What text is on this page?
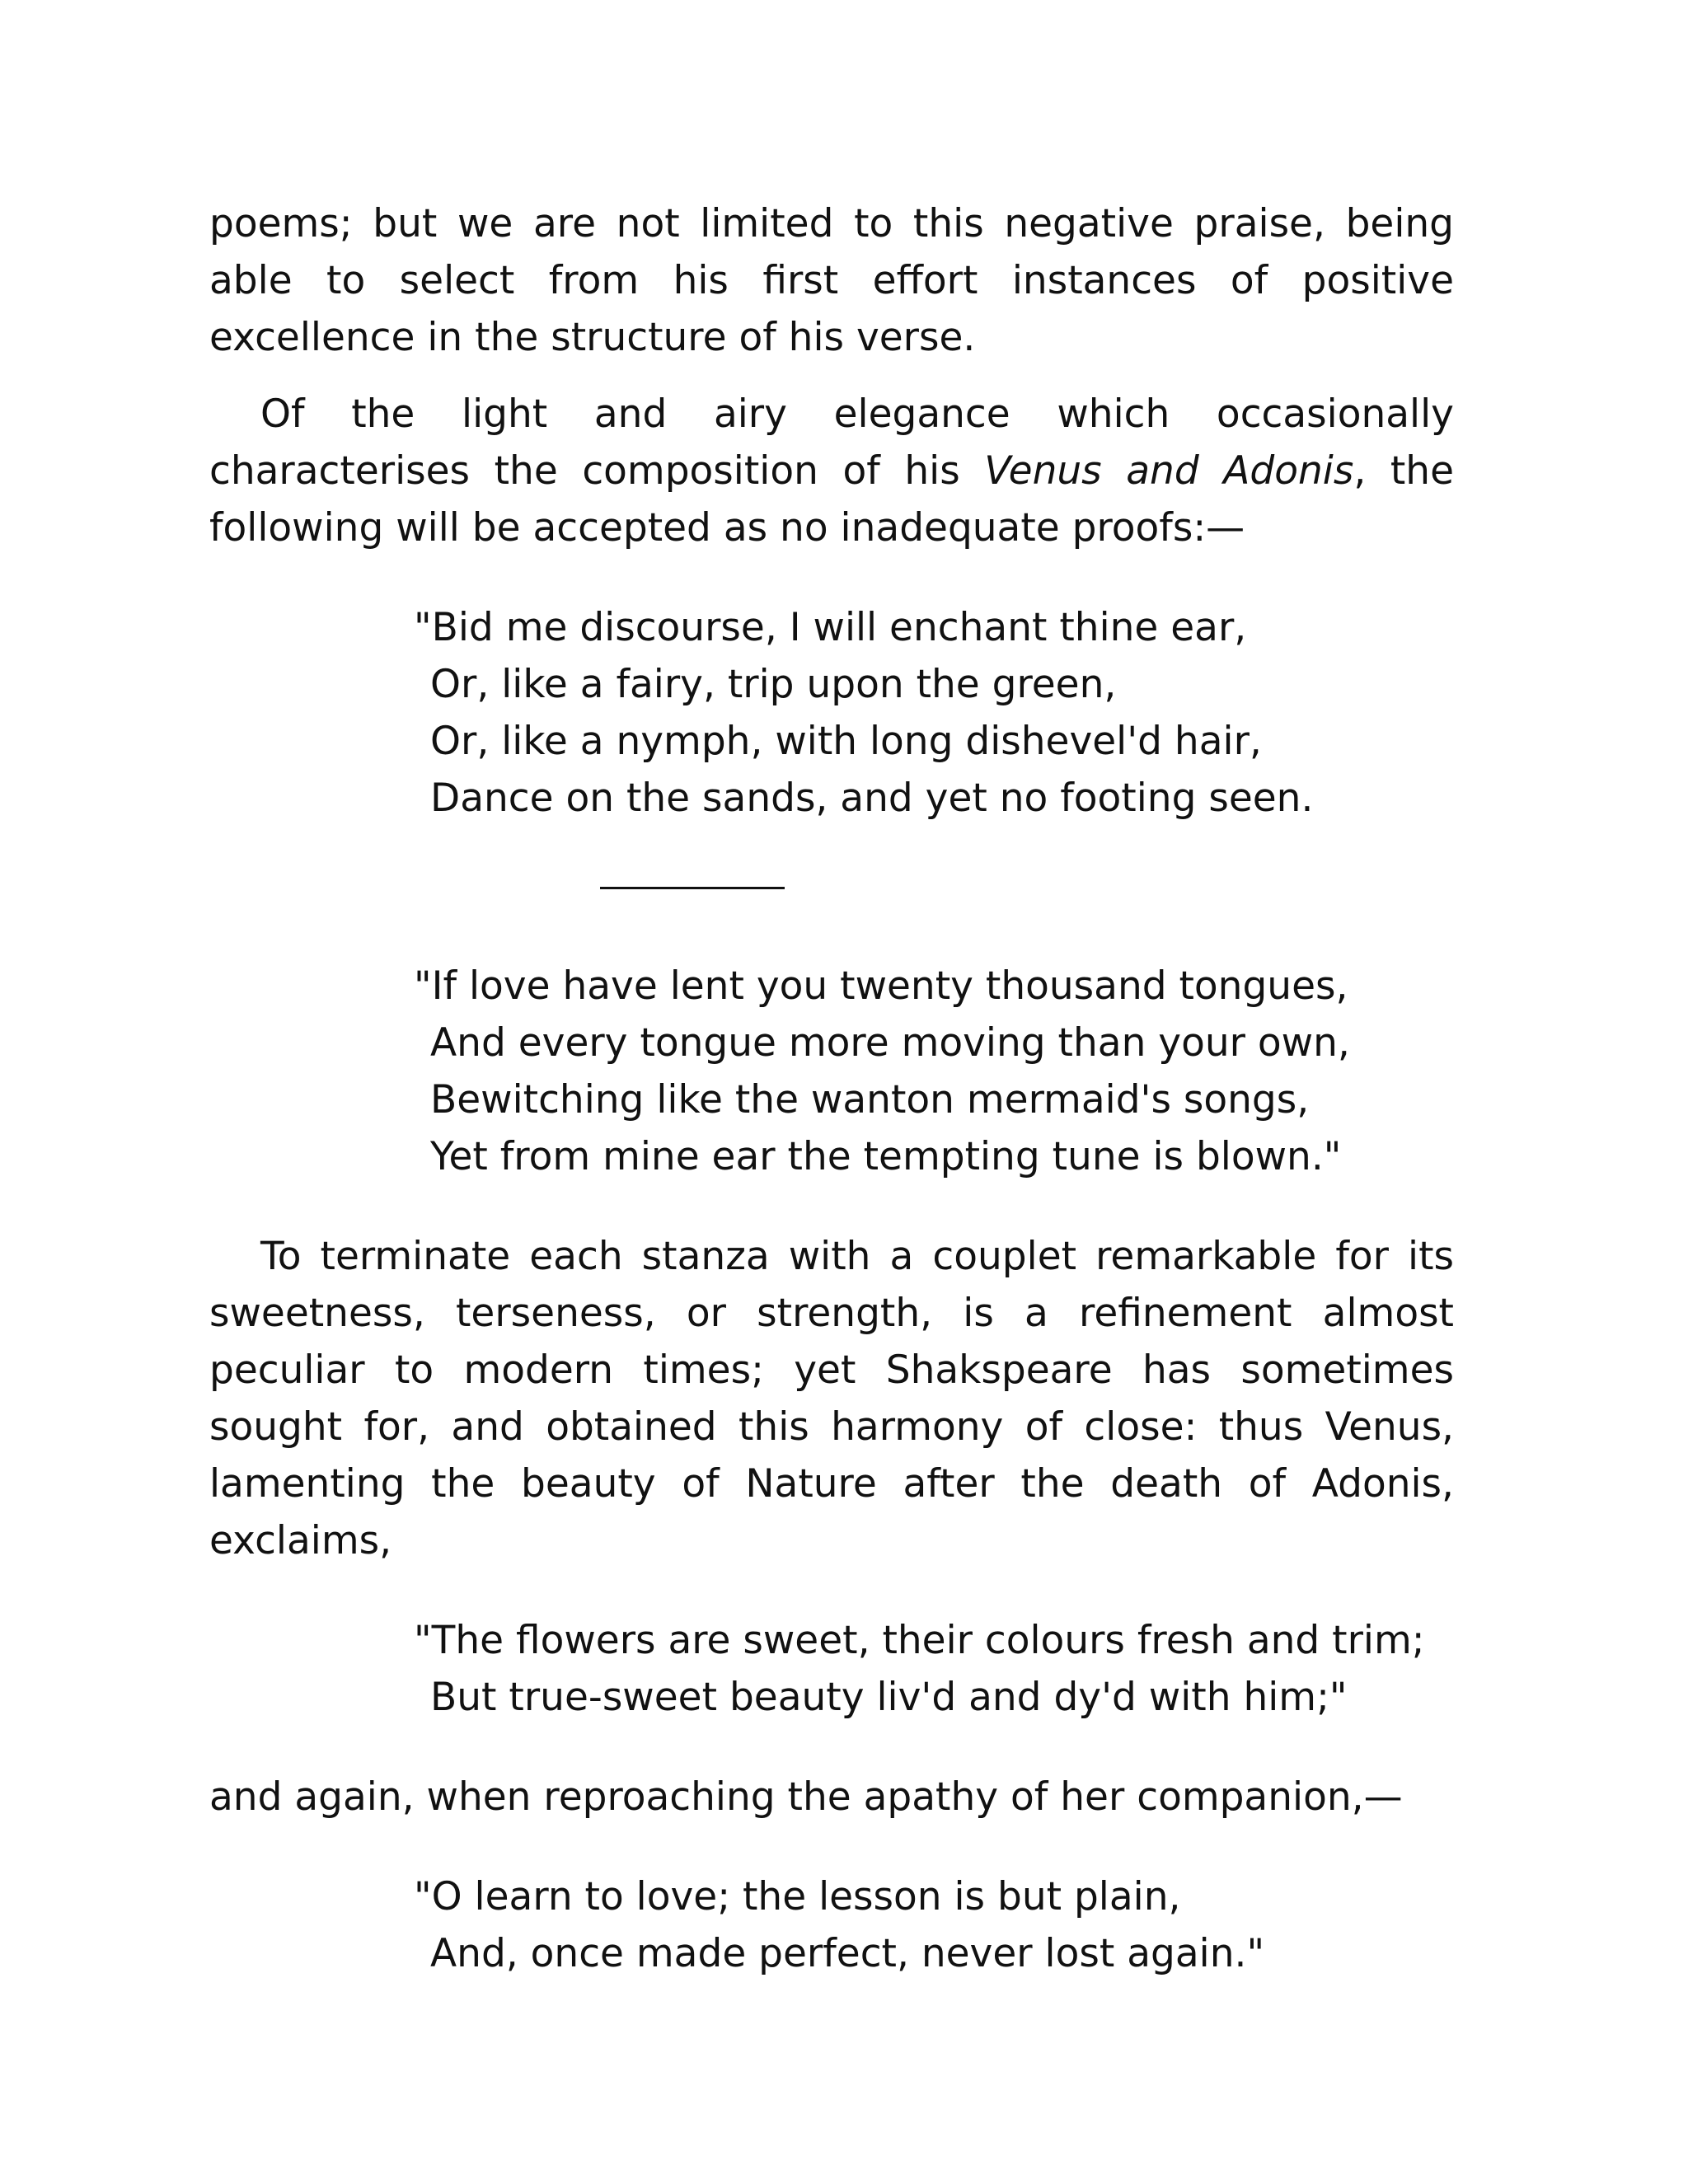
poems; but we are not limited to this negative praise, being able to select from his first effort instances of positive excellence in the structure of his verse.

Of the light and airy elegance which occasionally characterises the composition of his Venus and Adonis, the following will be accepted as no inadequate proofs:—

"Bid me discourse, I will enchant thine ear,
Or, like a fairy, trip upon the green,
Or, like a nymph, with long dishevel'd hair,
Dance on the sands, and yet no footing seen.
"If love have lent you twenty thousand tongues,
And every tongue more moving than your own,
Bewitching like the wanton mermaid's songs,
Yet from mine ear the tempting tune is blown."

To terminate each stanza with a couplet remarkable for its sweetness, terseness, or strength, is a refinement almost peculiar to modern times; yet Shakspeare has sometimes sought for, and obtained this harmony of close: thus Venus, lamenting the beauty of Nature after the death of Adonis, exclaims,

"The flowers are sweet, their colours fresh and trim;
But true-sweet beauty liv'd and dy'd with him;"

and again, when reproaching the apathy of her companion,—

"O learn to love; the lesson is but plain,
And, once made perfect, never lost again."
